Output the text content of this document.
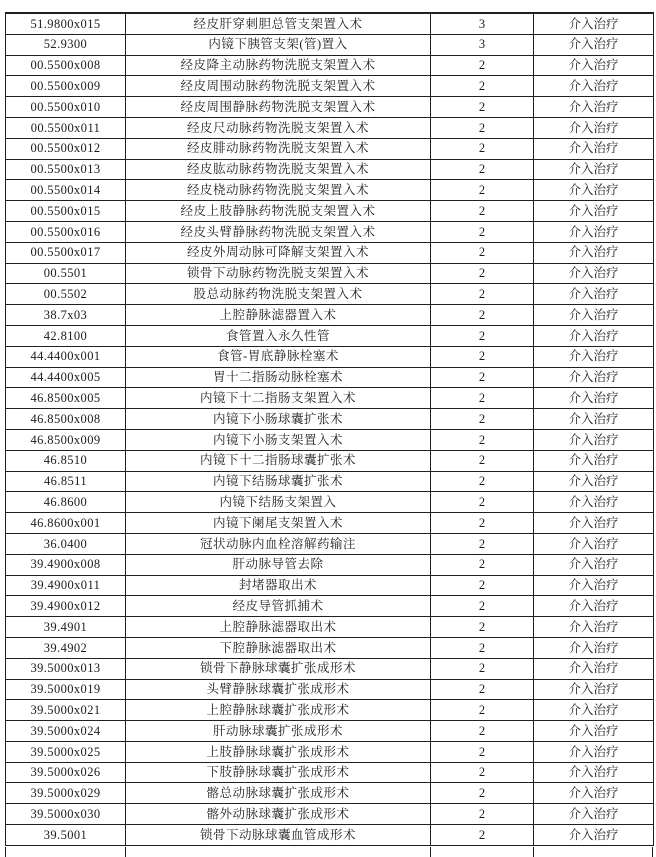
51.9800x015	经皮肝穿刺胆总管支架置入术	3	介入治疗
52.9300	内镜下胰管支架(管)置入	3	介入治疗
00.5500x008	经皮降主动脉药物洗脱支架置入术	2	介入治疗
00.5500x009	经皮周围动脉药物洗脱支架置入术	2	介入治疗
00.5500x010	经皮周围静脉药物洗脱支架置入术	2	介入治疗
00.5500x011	经皮尺动脉药物洗脱支架置入术	2	介入治疗
00.5500x012	经皮腓动脉药物洗脱支架置入术	2	介入治疗
00.5500x013	经皮肱动脉药物洗脱支架置入术	2	介入治疗
00.5500x014	经皮桡动脉药物洗脱支架置入术	2	介入治疗
00.5500x015	经皮上肢静脉药物洗脱支架置入术	2	介入治疗
00.5500x016	经皮头臂静脉药物洗脱支架置入术	2	介入治疗
00.5500x017	经皮外周动脉可降解支架置入术	2	介入治疗
00.5501	锁骨下动脉药物洗脱支架置入术	2	介入治疗
00.5502	股总动脉药物洗脱支架置入术	2	介入治疗
38.7x03	上腔静脉滤器置入术	2	介入治疗
42.8100	食管置入永久性管	2	介入治疗
44.4400x001	食管-胃底静脉栓塞术	2	介入治疗
44.4400x005	胃十二指肠动脉栓塞术	2	介入治疗
46.8500x005	内镜下十二指肠支架置入术	2	介入治疗
46.8500x008	内镜下小肠球囊扩张术	2	介入治疗
46.8500x009	内镜下小肠支架置入术	2	介入治疗
46.8510	内镜下十二指肠球囊扩张术	2	介入治疗
46.8511	内镜下结肠球囊扩张术	2	介入治疗
46.8600	内镜下结肠支架置入	2	介入治疗
46.8600x001	内镜下阑尾支架置入术	2	介入治疗
36.0400	冠状动脉内血栓溶解药输注	2	介入治疗
39.4900x008	肝动脉导管去除	2	介入治疗
39.4900x011	封堵器取出术	2	介入治疗
39.4900x012	经皮导管抓捕术	2	介入治疗
39.4901	上腔静脉滤器取出术	2	介入治疗
39.4902	下腔静脉滤器取出术	2	介入治疗
39.5000x013	锁骨下静脉球囊扩张成形术	2	介入治疗
39.5000x019	头臂静脉球囊扩张成形术	2	介入治疗
39.5000x021	上腔静脉球囊扩张成形术	2	介入治疗
39.5000x024	肝动脉球囊扩张成形术	2	介入治疗
39.5000x025	上肢静脉球囊扩张成形术	2	介入治疗
39.5000x026	下肢静脉球囊扩张成形术	2	介入治疗
39.5000x029	髂总动脉球囊扩张成形术	2	介入治疗
39.5000x030	髂外动脉球囊扩张成形术	2	介入治疗
39.5001	锁骨下动脉球囊血管成形术	2	介入治疗
